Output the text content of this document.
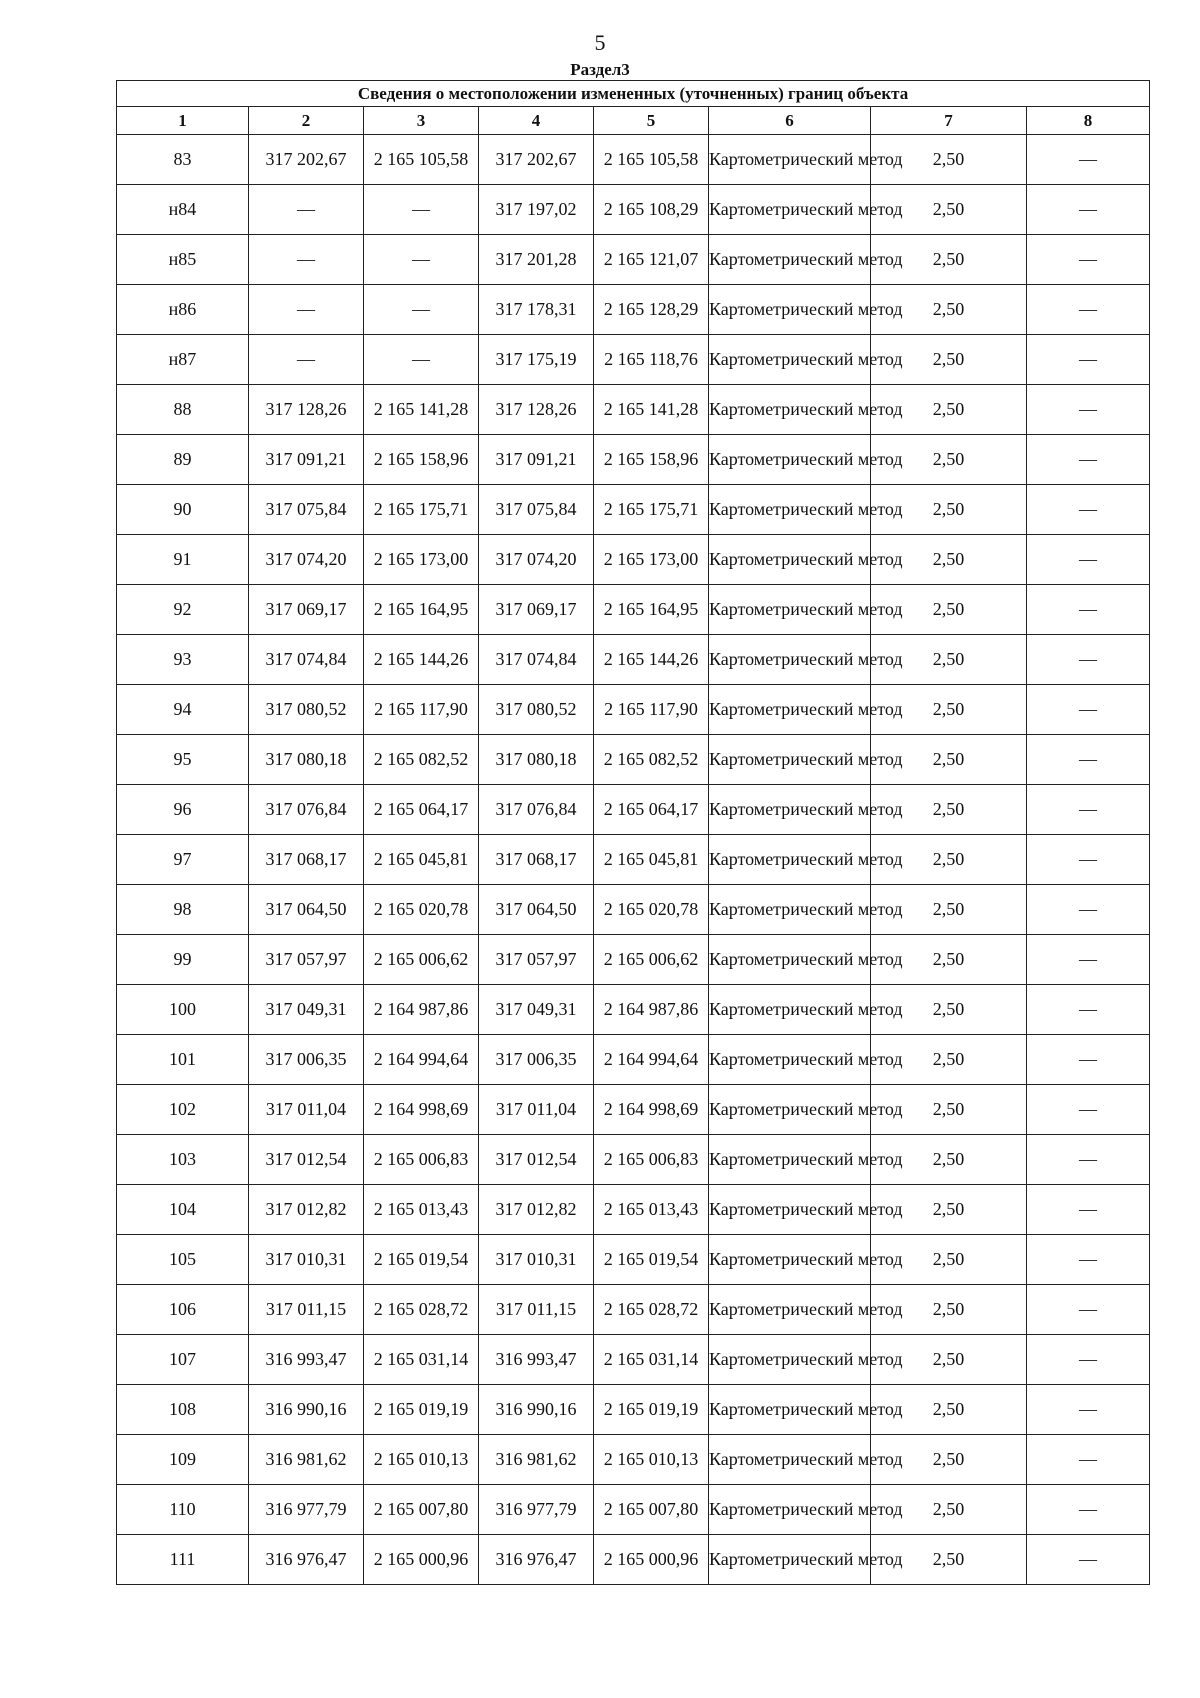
5
Раздел3
Сведения о местоположении измененных (уточненных) границ объекта							
1	2	3	4	5	6	7	8
83	317 202,67	2 165 105,58	317 202,67	2 165 105,58	Картометрический метод	2,50	—
н84	—	—	317 197,02	2 165 108,29	Картометрический метод	2,50	—
н85	—	—	317 201,28	2 165 121,07	Картометрический метод	2,50	—
н86	—	—	317 178,31	2 165 128,29	Картометрический метод	2,50	—
н87	—	—	317 175,19	2 165 118,76	Картометрический метод	2,50	—
88	317 128,26	2 165 141,28	317 128,26	2 165 141,28	Картометрический метод	2,50	—
89	317 091,21	2 165 158,96	317 091,21	2 165 158,96	Картометрический метод	2,50	—
90	317 075,84	2 165 175,71	317 075,84	2 165 175,71	Картометрический метод	2,50	—
91	317 074,20	2 165 173,00	317 074,20	2 165 173,00	Картометрический метод	2,50	—
92	317 069,17	2 165 164,95	317 069,17	2 165 164,95	Картометрический метод	2,50	—
93	317 074,84	2 165 144,26	317 074,84	2 165 144,26	Картометрический метод	2,50	—
94	317 080,52	2 165 117,90	317 080,52	2 165 117,90	Картометрический метод	2,50	—
95	317 080,18	2 165 082,52	317 080,18	2 165 082,52	Картометрический метод	2,50	—
96	317 076,84	2 165 064,17	317 076,84	2 165 064,17	Картометрический метод	2,50	—
97	317 068,17	2 165 045,81	317 068,17	2 165 045,81	Картометрический метод	2,50	—
98	317 064,50	2 165 020,78	317 064,50	2 165 020,78	Картометрический метод	2,50	—
99	317 057,97	2 165 006,62	317 057,97	2 165 006,62	Картометрический метод	2,50	—
100	317 049,31	2 164 987,86	317 049,31	2 164 987,86	Картометрический метод	2,50	—
101	317 006,35	2 164 994,64	317 006,35	2 164 994,64	Картометрический метод	2,50	—
102	317 011,04	2 164 998,69	317 011,04	2 164 998,69	Картометрический метод	2,50	—
103	317 012,54	2 165 006,83	317 012,54	2 165 006,83	Картометрический метод	2,50	—
104	317 012,82	2 165 013,43	317 012,82	2 165 013,43	Картометрический метод	2,50	—
105	317 010,31	2 165 019,54	317 010,31	2 165 019,54	Картометрический метод	2,50	—
106	317 011,15	2 165 028,72	317 011,15	2 165 028,72	Картометрический метод	2,50	—
107	316 993,47	2 165 031,14	316 993,47	2 165 031,14	Картометрический метод	2,50	—
108	316 990,16	2 165 019,19	316 990,16	2 165 019,19	Картометрический метод	2,50	—
109	316 981,62	2 165 010,13	316 981,62	2 165 010,13	Картометрический метод	2,50	—
110	316 977,79	2 165 007,80	316 977,79	2 165 007,80	Картометрический метод	2,50	—
111	316 976,47	2 165 000,96	316 976,47	2 165 000,96	Картометрический метод	2,50	—
